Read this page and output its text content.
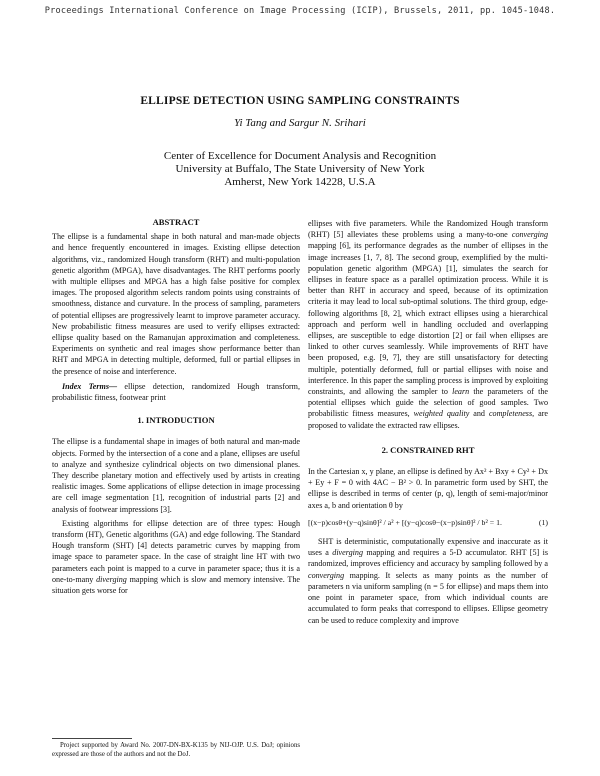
Proceedings International Conference on Image Processing (ICIP), Brussels, 2011, pp. 1045-1048.
ELLIPSE DETECTION USING SAMPLING CONSTRAINTS
Yi Tang and Sargur N. Srihari
Center of Excellence for Document Analysis and Recognition
University at Buffalo, The State University of New York
Amherst, New York 14228, U.S.A

ABSTRACT

The ellipse is a fundamental shape in both natural and man-made objects and hence frequently encountered in images. Existing ellipse detection algorithms, viz., randomized Hough transform (RHT) and multi-population genetic algorithm (MPGA), have disadvantages. The RHT performs poorly with multiple ellipses and MPGA has a high false positive for complex images. The proposed algorithm selects random points using constraints of smoothness, distance and curvature. In the process of sampling, parameters of potential ellipses are progressively learnt to improve parameter accuracy. New probabilistic fitness measures are used to verify ellipses extracted: ellipse quality based on the Ramanujan approximation and completeness. Experiments on synthetic and real images show performance better than RHT and MPGA in detecting multiple, deformed, full or partial ellipses in the presence of noise and interference.

Index Terms— ellipse detection, randomized Hough transform, probabilistic fitness, footwear print

1. INTRODUCTION

The ellipse is a fundamental shape in images of both natural and man-made objects. Formed by the intersection of a cone and a plane, ellipses are useful to analyze and synthesize cylindrical objects on two dimensional planes. They describe planetary motion and effectively used by artists in creating realistic images. Some applications of ellipse detection in image processing are cell image segmentation [1], recognition of industrial parts [2] and analysis of footwear impressions [3].

Existing algorithms for ellipse detection are of three types: Hough transform (HT), Genetic algorithms (GA) and edge following. The Standard Hough transform (SHT) [4] detects parametric curves by mapping from image space to parameter space. In the case of straight line HT with two parameters each point is mapped to a curve in parameter space; thus it is a one-to-many diverging mapping which is slow and memory intensive. The situation gets worse for

Project supported by Award No. 2007-DN-BX-K135 by NIJ-OJP. U.S. DoJ; opinions expressed are those of the authors and not the DoJ.

ellipses with five parameters. While the Randomized Hough transform (RHT) [5] alleviates these problems using a many-to-one converging mapping [6], its performance degrades as the number of ellipses in the image increases [1, 7, 8]. The second group, exemplified by the multi-population genetic algorithm (MPGA) [1], simulates the search for ellipses in feature space as a parallel optimization process. While it is better than RHT in accuracy and speed, because of its optimization criteria it may lead to local sub-optimal solutions. The third group, edge-following algorithms [8, 2], which extract ellipses using a hierarchical approach and perform well in handling occluded and overlapping ellipses, are susceptible to edge distortion [2] or fail when ellipses are linked to other curves seamlessly. While improvements of RHT have been proposed, e.g. [9, 7], they are still unsatisfactory for detecting multiple, potentially deformed, full or partial ellipses with noise and interference. In this paper the sampling process is improved by exploiting constraints, and allowing the sampler to learn the parameters of the potential ellipses which guide the selection of good samples. Two probabilistic fitness measures, weighted quality and completeness, are proposed to validate the extracted raw ellipses.

2. CONSTRAINED RHT

In the Cartesian x, y plane, an ellipse is defined by Ax² + Bxy + Cy² + Dx + Ey + F = 0 with 4AC − B² > 0. In parametric form used by SHT, the ellipse is described in terms of center (p, q), length of semi-major/minor axes a, b and orientation θ by

[(x−p)cosθ+(y−q)sinθ]² / a² + [(y−q)cosθ−(x−p)sinθ]² / b² = 1.	(1)

SHT is deterministic, computationally expensive and inaccurate as it uses a diverging mapping and requires a 5-D accumulator. RHT [5] is randomized, improves efficiency and accuracy by sampling followed by a converging mapping. It selects as many points as the number of parameters n via uniform sampling (n = 5 for ellipse) and maps them into one point in parameter space, from which individual counts are accumulated to form peaks that correspond to ellipses. Ellipse geometry can be used to reduce complexity and improve
